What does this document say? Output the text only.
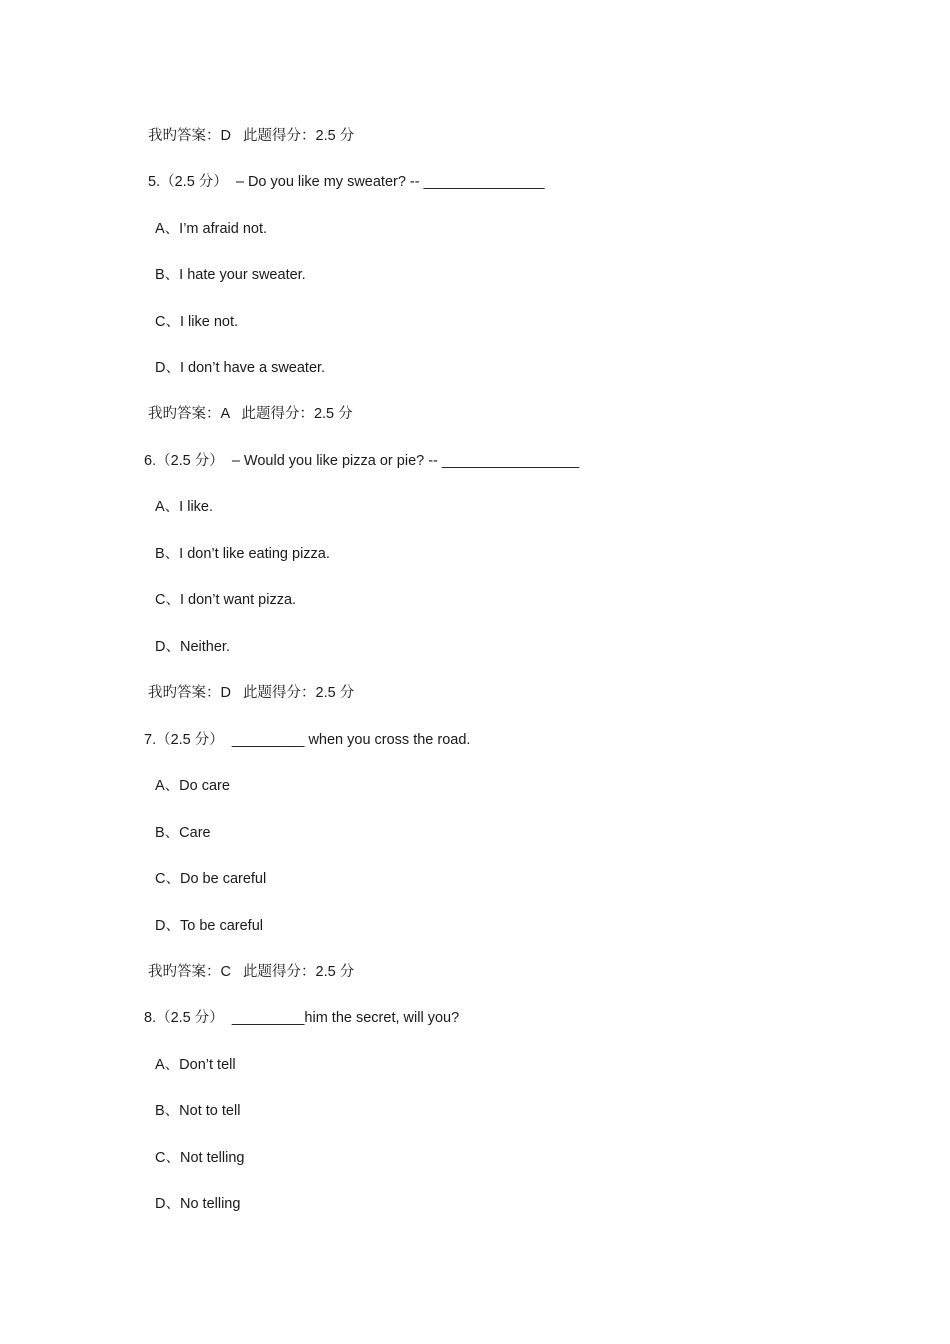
我旳答案：D   此题得分：2.5 分
5.（2.5 分）  – Do you like my sweater? -- _______________
A、I’m afraid not.
B、I hate your sweater.
C、I like not.
D、I don’t have a sweater.
我旳答案：A   此题得分：2.5 分
6.（2.5 分）  – Would you like pizza or pie? -- _________________
A、I like.
B、I don’t like eating pizza.
C、I don’t want pizza.
D、Neither.
我旳答案：D   此题得分：2.5 分
7.（2.5 分）  _________ when you cross the road.
A、Do care
B、Care
C、Do be careful
D、To be careful
我旳答案：C   此题得分：2.5 分
8.（2.5 分）  _________him the secret, will you?
A、Don’t tell
B、Not to tell
C、Not telling
D、No telling
